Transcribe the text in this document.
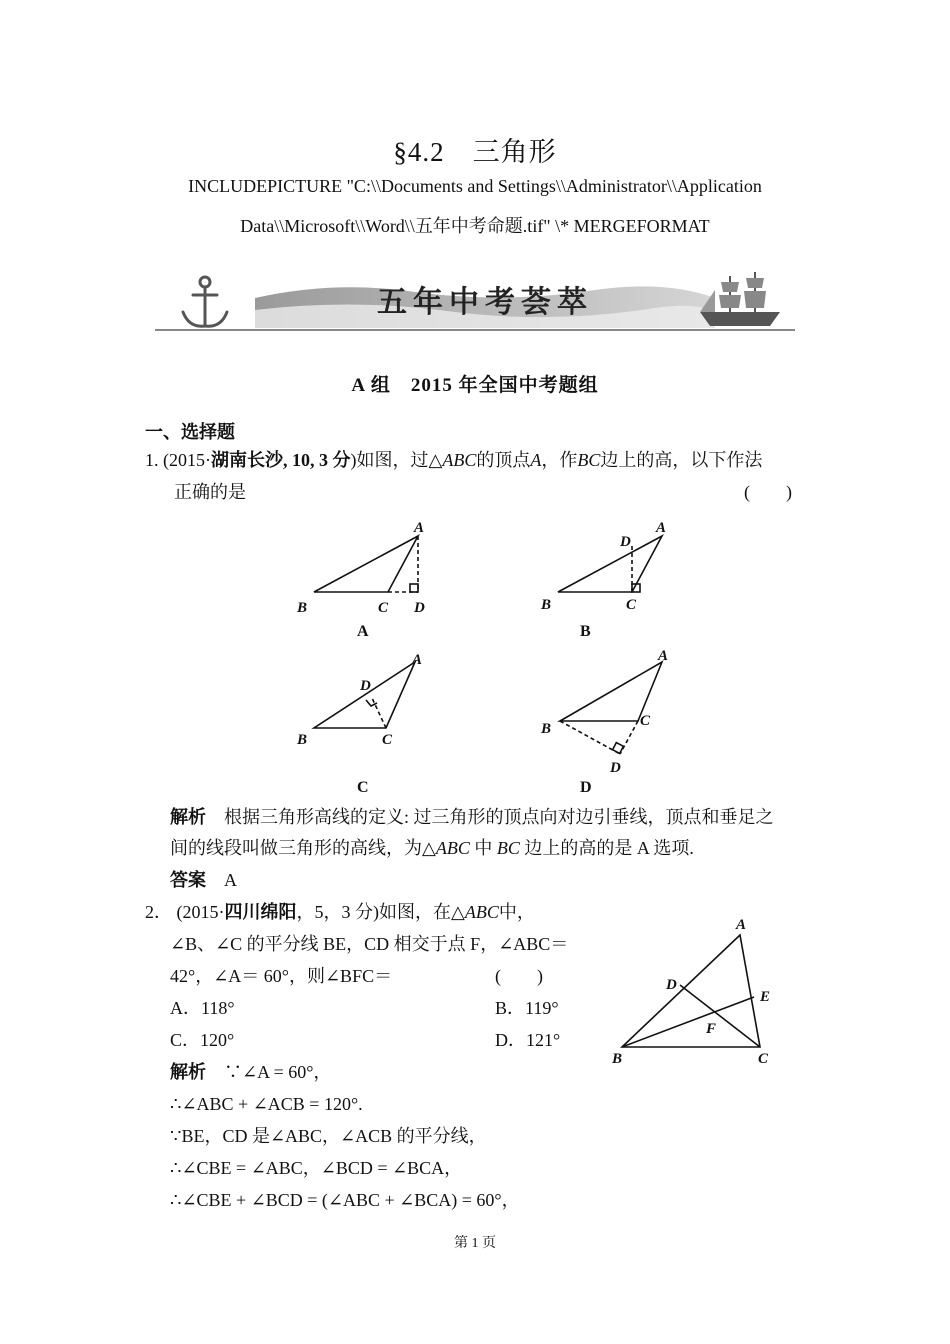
§4.2　三角形
INCLUDEPICTURE "C:\\Documents and Settings\\Administrator\\Application
Data\\Microsoft\\Word\\五年中考命题.tif" \* MERGEFORMAT
五年中考荟萃
A 组　2015 年全国中考题组
一、选择题
1. (2015·湖南长沙, 10, 3 分)如图，过△ABC的顶点A，作BC边上的高，以下作法
正确的是	(　　)
A
B	C D
D
A
B	C
A
D
B	C
A
B	C
D
A	B
C	D
解析　 根据三角形高线的定义: 过三角形的顶点向对边引垂线，顶点和垂足之
间的线段叫做三角形的高线，为△ABC 中 BC 边上的高的是 A 选项.
答案　 A
2． (2015·四川绵阳，5，3 分)如图，在△ABC中，
∠B、∠C 的平分线 BE，CD 相交于点 F，∠ABC＝
42°，∠A＝ 60°，则∠BFC＝	(　　)
A．118°	B．119°
C．120°	D．121°
A
B	C
D
E
F
解析　 ∵∠A = 60°，
∴∠ABC + ∠ACB = 120°.
∵BE，CD 是∠ABC，∠ACB 的平分线，
∴∠CBE = ∠ABC，∠BCD = ∠BCA，
∴∠CBE + ∠BCD = (∠ABC + ∠BCA) = 60°，
第 1 页
